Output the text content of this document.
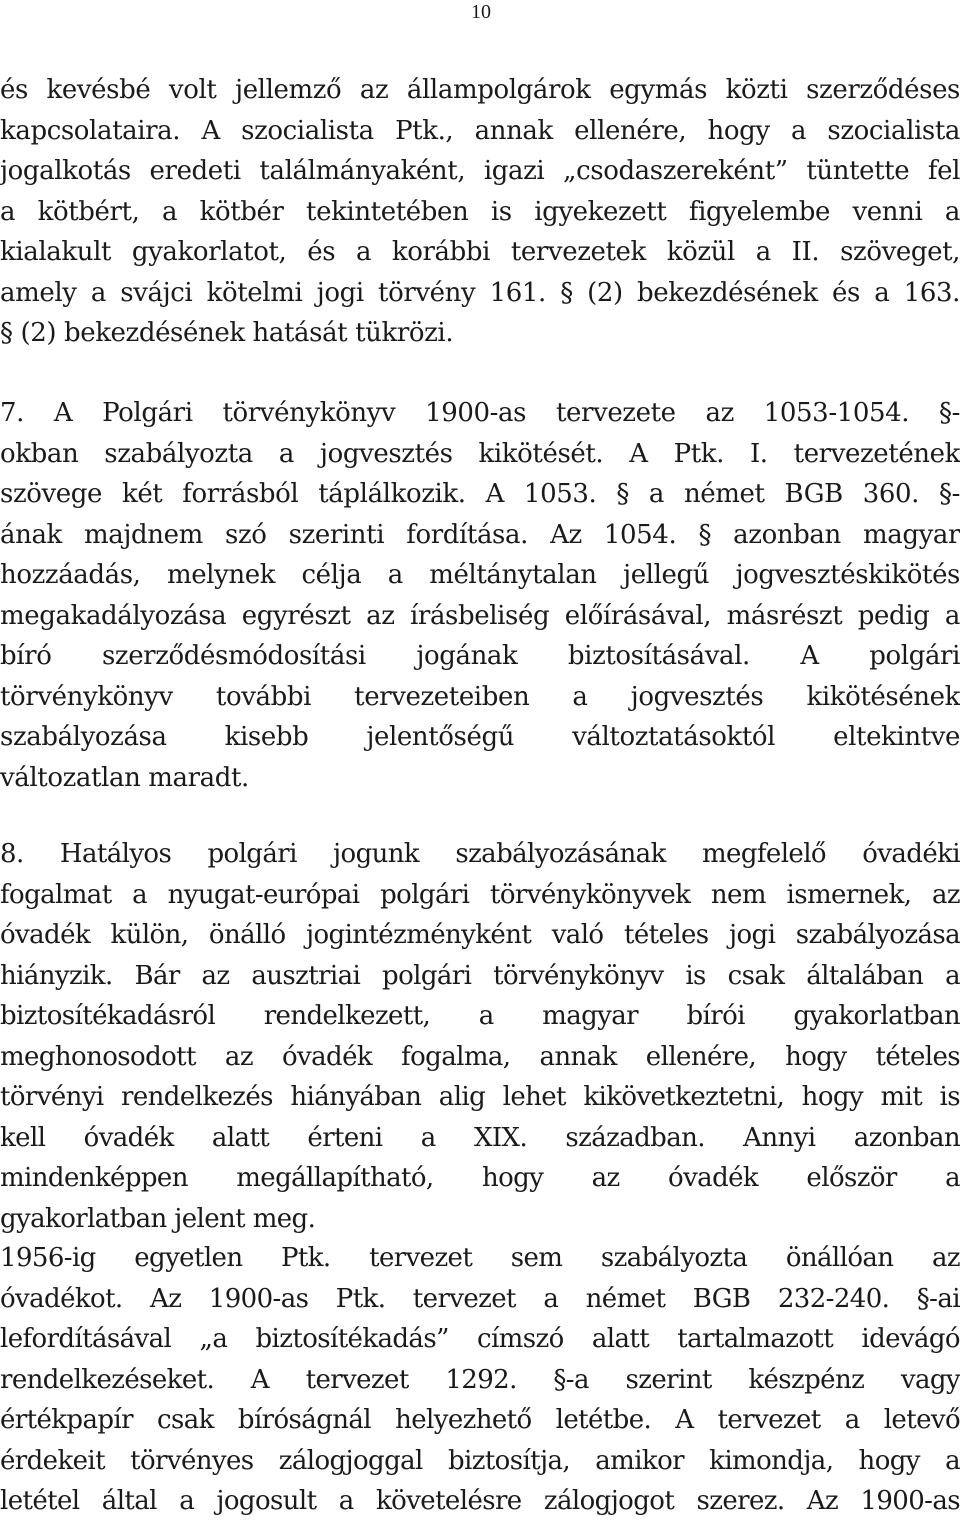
10
és kevésbé volt jellemző az állampolgárok egymás közti szerződéses
kapcsolataira. A szocialista Ptk., annak ellenére, hogy a szocialista
jogalkotás eredeti találmányaként, igazi „csodaszereként” tüntette fel
a kötbért, a kötbér tekintetében is igyekezett figyelembe venni a
kialakult gyakorlatot, és a korábbi tervezetek közül a II. szöveget,
amely a svájci kötelmi jogi törvény 161. § (2) bekezdésének és a 163.
§ (2) bekezdésének hatását tükrözi.
7. A Polgári törvénykönyv 1900-as tervezete az 1053-1054. §-
okban szabályozta a jogvesztés kikötését. A Ptk. I. tervezetének
szövege két forrásból táplálkozik. A 1053. § a német BGB 360. §-
ának majdnem szó szerinti fordítása. Az 1054. § azonban magyar
hozzáadás, melynek célja a méltánytalan jellegű jogvesztéskikötés
megakadályozása egyrészt az írásbeliség előírásával, másrészt pedig a
bíró szerződésmódosítási jogának biztosításával. A polgári
törvénykönyv további tervezeteiben a jogvesztés kikötésének
szabályozása kisebb jelentőségű változtatásoktól eltekintve
változatlan maradt.
8. Hatályos polgári jogunk szabályozásának megfelelő óvadéki
fogalmat a nyugat-európai polgári törvénykönyvek nem ismernek, az
óvadék külön, önálló jogintézményként való tételes jogi szabályozása
hiányzik. Bár az ausztriai polgári törvénykönyv is csak általában a
biztosítékadásról rendelkezett, a magyar bírói gyakorlatban
meghonosodott az óvadék fogalma, annak ellenére, hogy tételes
törvényi rendelkezés hiányában alig lehet kikövetkeztetni, hogy mit is
kell óvadék alatt érteni a XIX. században. Annyi azonban
mindenképpen megállapítható, hogy az óvadék először a
gyakorlatban jelent meg.
1956-ig egyetlen Ptk. tervezet sem szabályozta önállóan az
óvadékot. Az 1900-as Ptk. tervezet a német BGB 232-240. §-ai
lefordításával „a biztosítékadás” címszó alatt tartalmazott idevágó
rendelkezéseket. A tervezet 1292. §-a szerint készpénz vagy
értékpapír csak bíróságnál helyezhető letétbe. A tervezet a letevő
érdekeit törvényes zálogjoggal biztosítja, amikor kimondja, hogy a
letétel által a jogosult a követelésre zálogjogot szerez. Az 1900-as
